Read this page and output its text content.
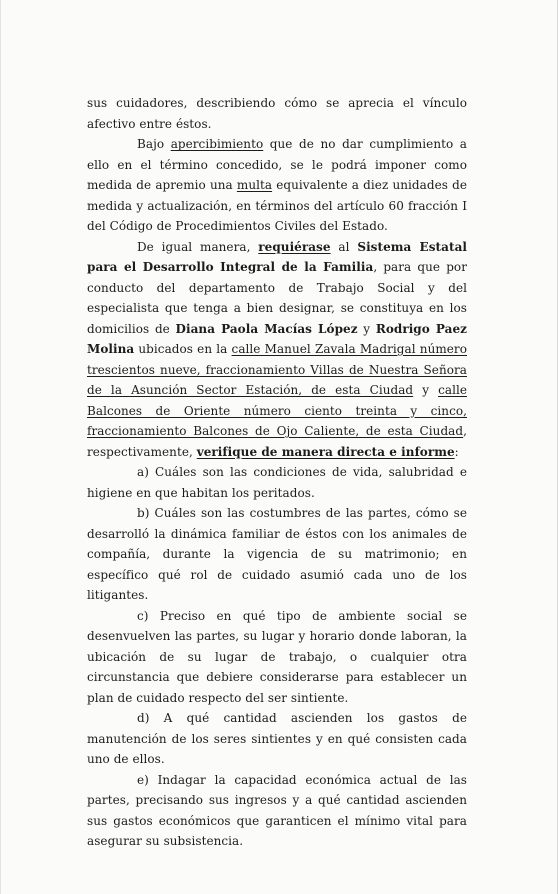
sus cuidadores, describiendo cómo se aprecia el vínculo afectivo entre éstos.

Bajo apercibimiento que de no dar cumplimiento a ello en el término concedido, se le podrá imponer como medida de apremio una multa equivalente a diez unidades de medida y actualización, en términos del artículo 60 fracción I del Código de Procedimientos Civiles del Estado.

De igual manera, requiérase al Sistema Estatal para el Desarrollo Integral de la Familia, para que por conducto del departamento de Trabajo Social y del especialista que tenga a bien designar, se constituya en los domicilios de Diana Paola Macías López y Rodrigo Paez Molina ubicados en la calle Manuel Zavala Madrigal número trescientos nueve, fraccionamiento Villas de Nuestra Señora de la Asunción Sector Estación, de esta Ciudad y calle Balcones de Oriente número ciento treinta y cinco, fraccionamiento Balcones de Ojo Caliente, de esta Ciudad, respectivamente, verifique de manera directa e informe:

a) Cuáles son las condiciones de vida, salubridad e higiene en que habitan los peritados.

b) Cuáles son las costumbres de las partes, cómo se desarrolló la dinámica familiar de éstos con los animales de compañía, durante la vigencia de su matrimonio; en específico qué rol de cuidado asumió cada uno de los litigantes.

c) Preciso en qué tipo de ambiente social se desenvuelven las partes, su lugar y horario donde laboran, la ubicación de su lugar de trabajo, o cualquier otra circunstancia que debiere considerarse para establecer un plan de cuidado respecto del ser sintiente.

d) A qué cantidad ascienden los gastos de manutención de los seres sintientes y en qué consisten cada uno de ellos.

e) Indagar la capacidad económica actual de las partes, precisando sus ingresos y a qué cantidad ascienden sus gastos económicos que garanticen el mínimo vital para asegurar su subsistencia.
